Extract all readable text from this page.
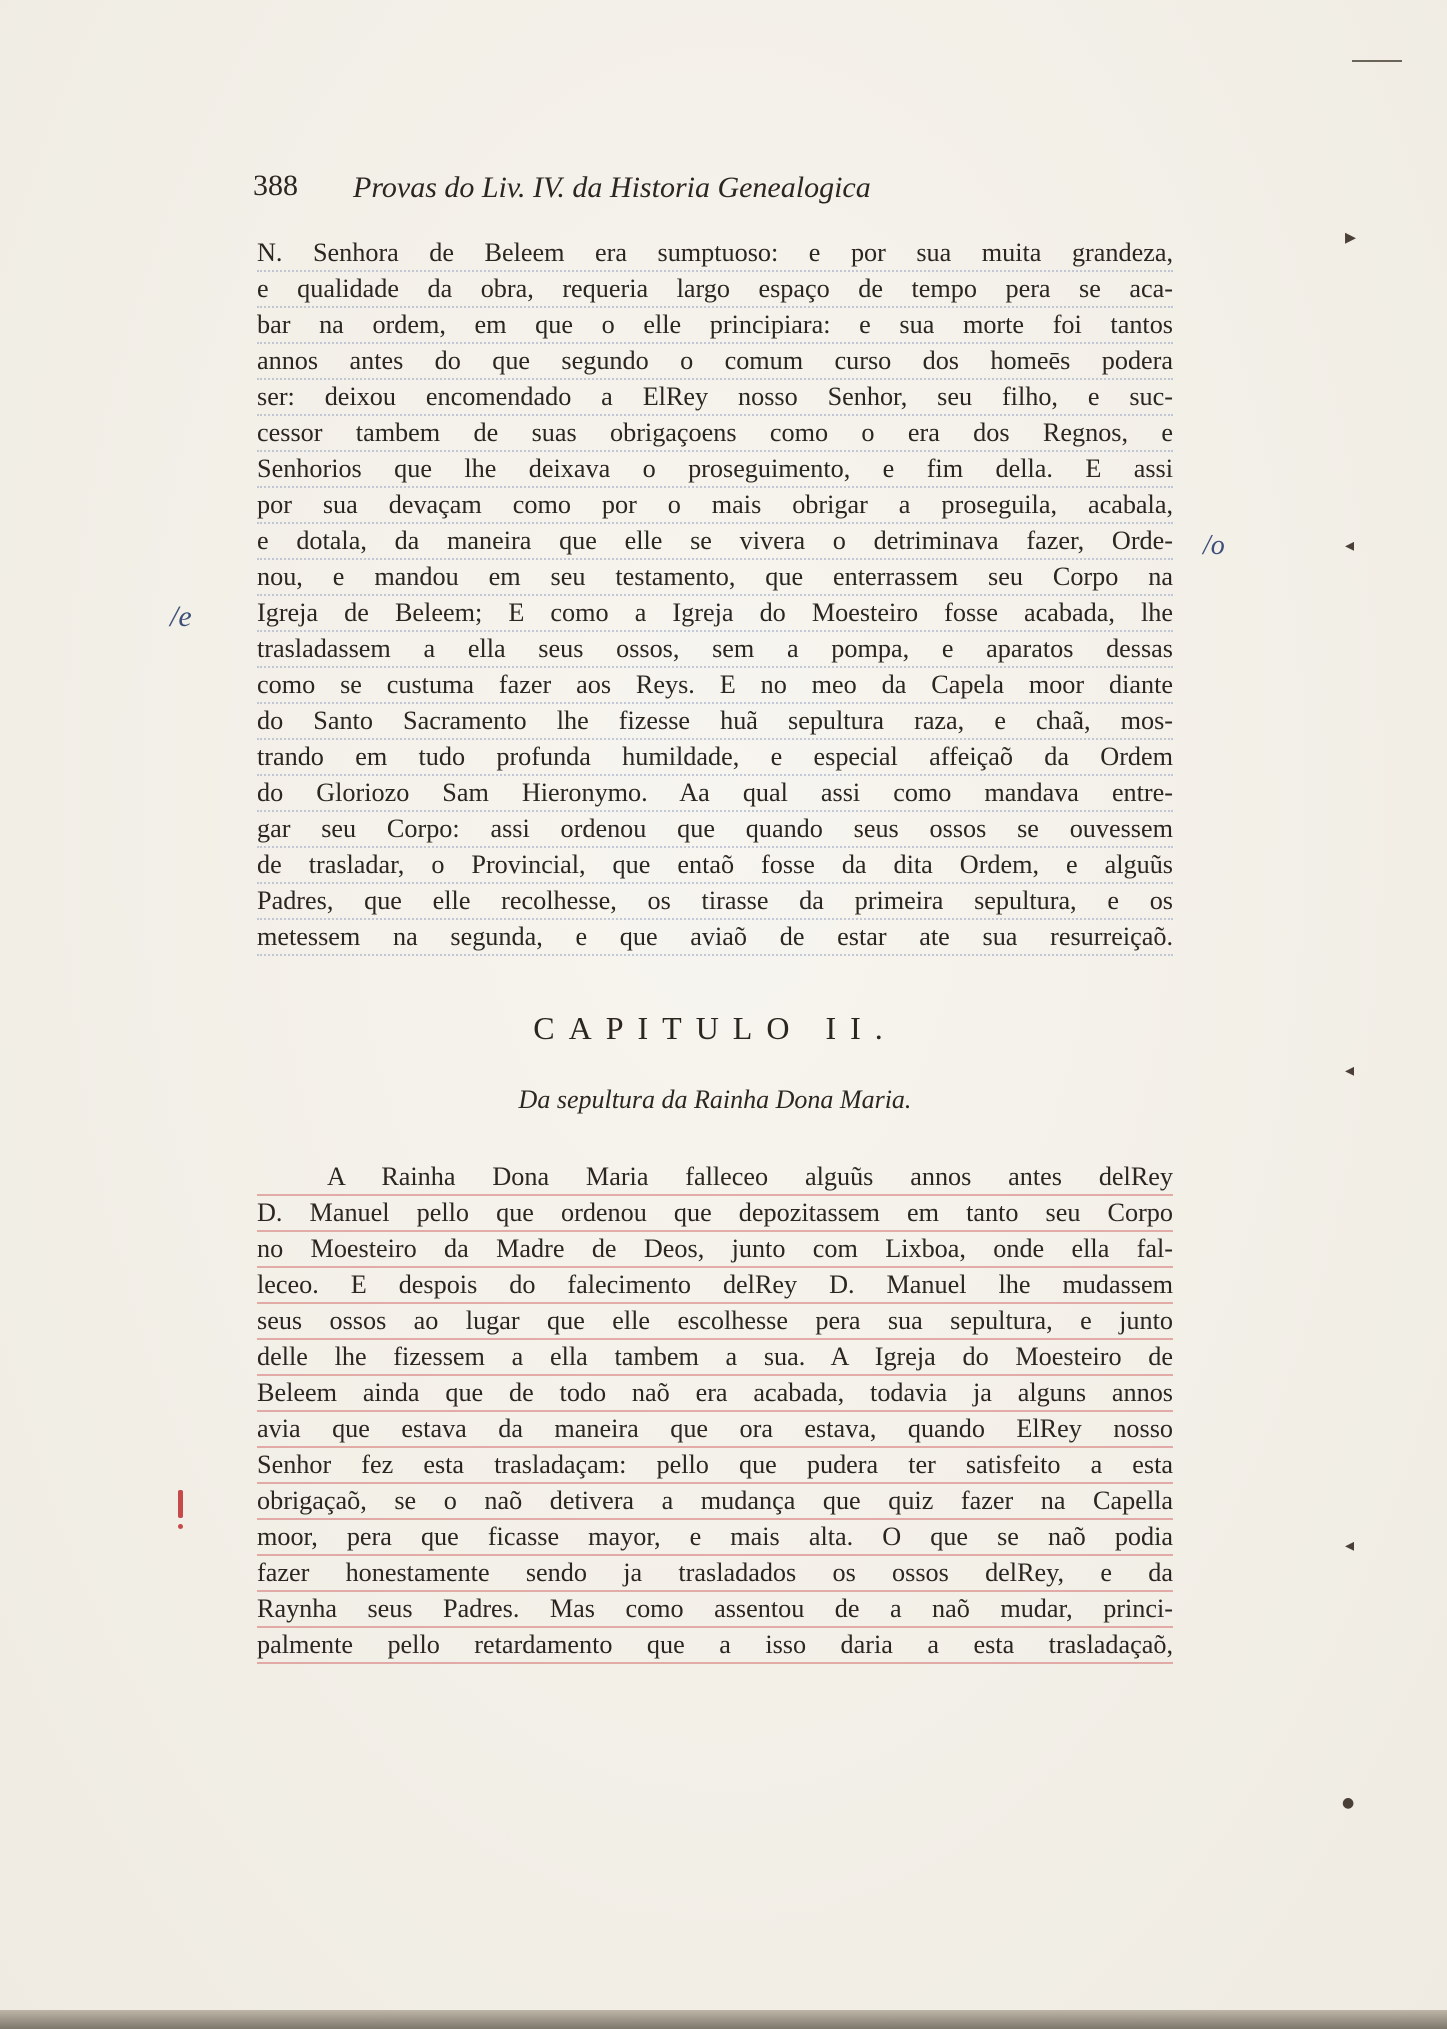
388 Provas do Liv. IV. da Historia Genealogica
N. Senhora de Beleem era sumptuoso: e por sua muita grandeza,
e qualidade da obra, requeria largo espaço de tempo pera se aca-
bar na ordem, em que o elle principiara: e sua morte foi tantos
annos antes do que segundo o comum curso dos homeēs podera
ser: deixou encomendado a ElRey nosso Senhor, seu filho, e suc-
cessor tambem de suas obrigaçoens como o era dos Regnos, e
Senhorios que lhe deixava o proseguimento, e fim della. E assi
por sua devaçam como por o mais obrigar a proseguila, acabala,
e dotala, da maneira que elle se vivera o detriminava fazer, Orde-
nou, e mandou em seu testamento, que enterrassem seu Corpo na
Igreja de Beleem; E como a Igreja do Moesteiro fosse acabada, lhe
trasladassem a ella seus ossos, sem a pompa, e aparatos dessas
como se custuma fazer aos Reys. E no meo da Capela moor diante
do Santo Sacramento lhe fizesse huã sepultura raza, e chaã, mos-
trando em tudo profunda humildade, e especial affeiçaõ da Ordem
do Gloriozo Sam Hieronymo. Aa qual assi como mandava entre-
gar seu Corpo: assi ordenou que quando seus ossos se ouvessem
de trasladar, o Provincial, que entaõ fosse da dita Ordem, e alguũs
Padres, que elle recolhesse, os tirasse da primeira sepultura, e os
metessem na segunda, e que aviaõ de estar ate sua resurreiçaõ.
CAPITULO II.
Da sepultura da Rainha Dona Maria.
A Rainha Dona Maria falleceo alguũs annos antes delRey
D. Manuel pello que ordenou que depozitassem em tanto seu Corpo
no Moesteiro da Madre de Deos, junto com Lixboa, onde ella fal-
leceo. E despois do falecimento delRey D. Manuel lhe mudassem
seus ossos ao lugar que elle escolhesse pera sua sepultura, e junto
delle lhe fizessem a ella tambem a sua. A Igreja do Moesteiro de
Beleem ainda que de todo naõ era acabada, todavia ja alguns annos
avia que estava da maneira que ora estava, quando ElRey nosso
Senhor fez esta trasladaçam: pello que pudera ter satisfeito a esta
obrigaçaõ, se o naõ detivera a mudança que quiz fazer na Capella
moor, pera que ficasse mayor, e mais alta. O que se naõ podia
fazer honestamente sendo ja trasladados os ossos delRey, e da
Raynha seus Padres. Mas como assentou de a naõ mudar, princi-
palmente pello retardamento que a isso daria a esta trasladaçaõ,
/e
/o
▸
◂
◂
◂
●
